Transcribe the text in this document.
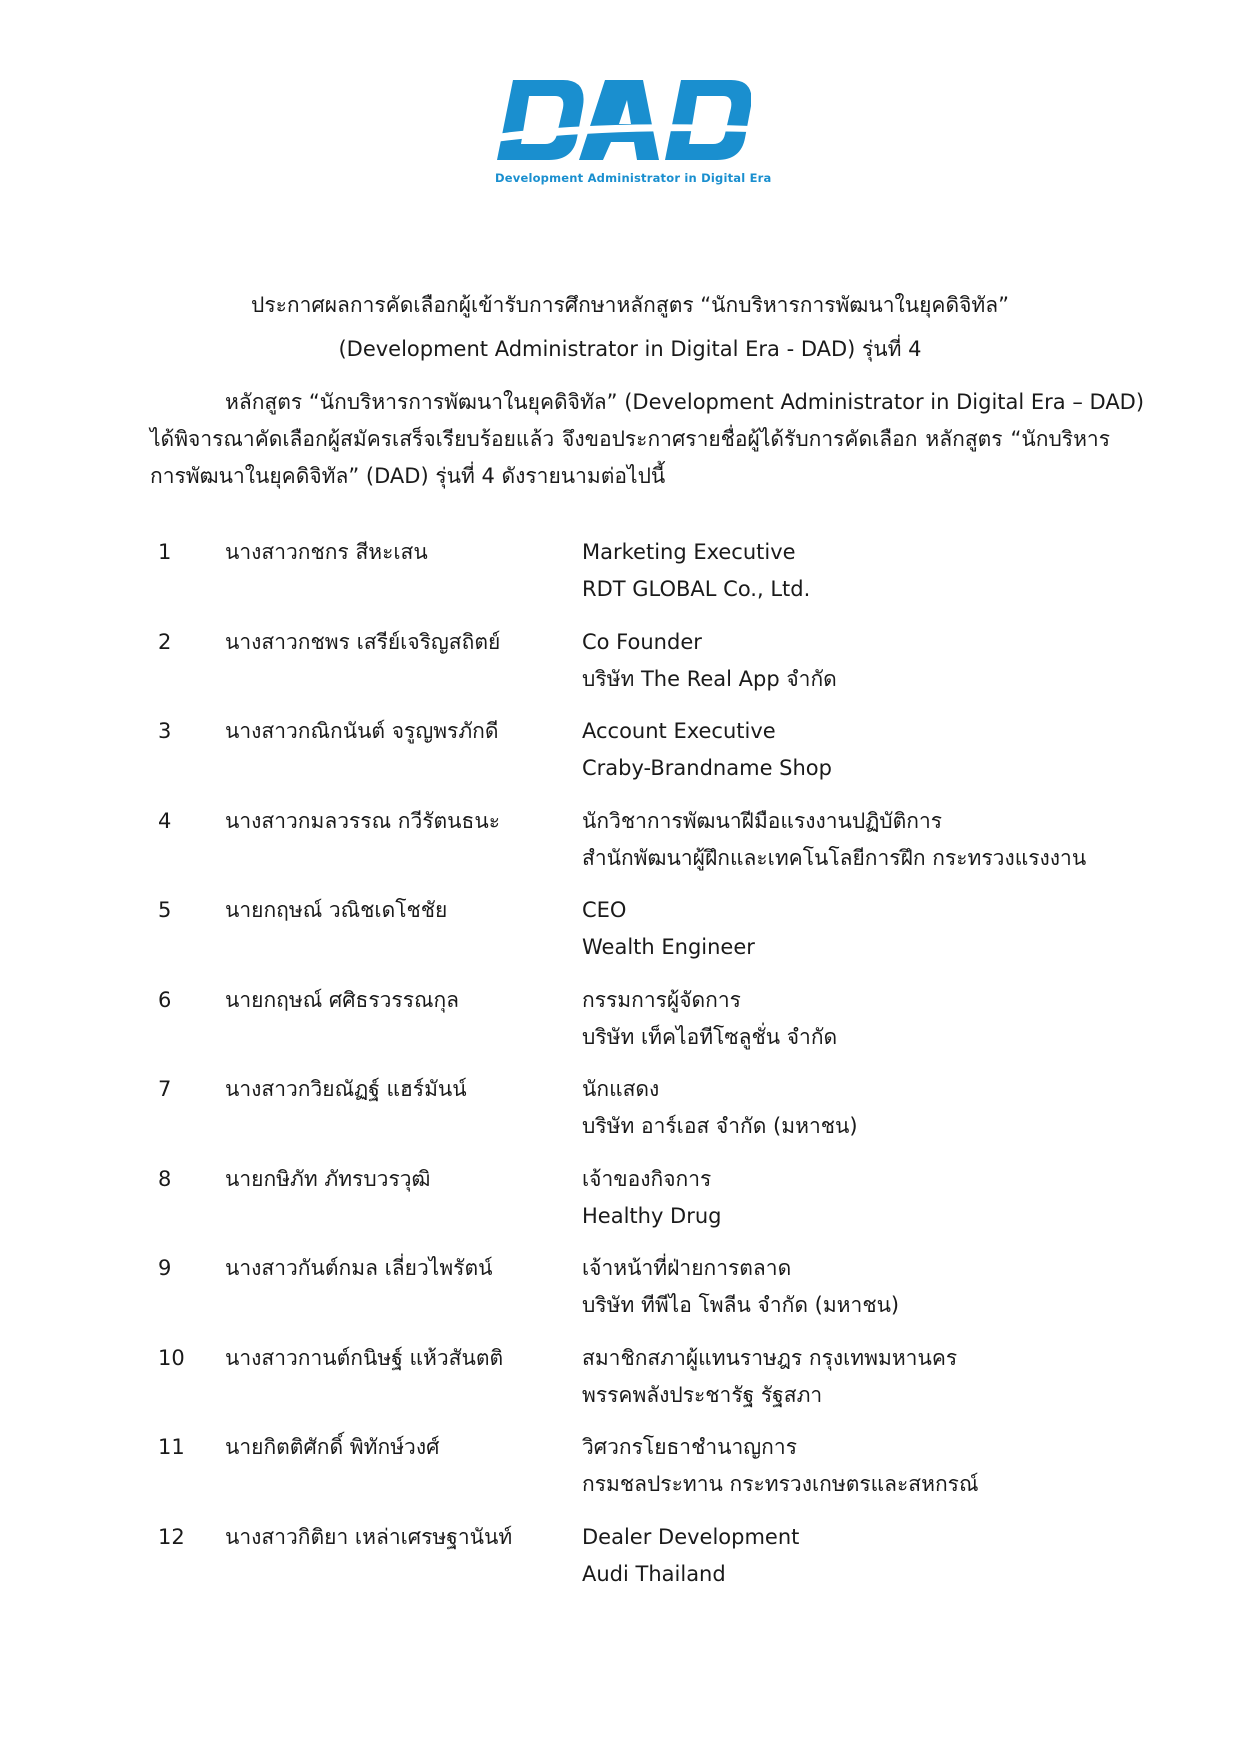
Development Administrator in Digital Era
ประกาศผลการคัดเลือกผู้เข้ารับการศึกษาหลักสูตร “นักบริหารการพัฒนาในยุคดิจิทัล”
(Development Administrator in Digital Era - DAD) รุ่นที่ 4
หลักสูตร “นักบริหารการพัฒนาในยุคดิจิทัล” (Development Administrator in Digital Era – DAD)
ได้พิจารณาคัดเลือกผู้สมัครเสร็จเรียบร้อยแล้ว จึงขอประกาศรายชื่อผู้ได้รับการคัดเลือก หลักสูตร “นักบริหาร
การพัฒนาในยุคดิจิทัล” (DAD) รุ่นที่ 4 ดังรายนามต่อไปนี้
1	นางสาวกชกร สีหะเสน	Marketing Executive
RDT GLOBAL Co., Ltd.
2	นางสาวกชพร เสรีย์เจริญสถิตย์	Co Founder
บริษัท The Real App จำกัด
3	นางสาวกณิกนันต์ จรูญพรภักดี	Account Executive
Craby-Brandname Shop
4	นางสาวกมลวรรณ กวีรัตนธนะ	นักวิชาการพัฒนาฝีมือแรงงานปฏิบัติการ
สำนักพัฒนาผู้ฝึกและเทคโนโลยีการฝึก กระทรวงแรงงาน
5	นายกฤษณ์ วณิชเดโชชัย	CEO
Wealth Engineer
6	นายกฤษณ์ ศศิธรวรรณกุล	กรรมการผู้จัดการ
บริษัท เท็คไอทีโซลูชั่น จำกัด
7	นางสาวกวิยณัฏฐ์ แฮร์มันน์	นักแสดง
บริษัท อาร์เอส จำกัด (มหาชน)
8	นายกษิภัท ภัทรบวรวุฒิ	เจ้าของกิจการ
Healthy Drug
9	นางสาวกันต์กมล เลี่ยวไพรัตน์	เจ้าหน้าที่ฝ่ายการตลาด
บริษัท ทีพีไอ โพลีน จำกัด (มหาชน)
10 นางสาวกานต์กนิษฐ์ แห้วสันตติ	สมาชิกสภาผู้แทนราษฎร กรุงเทพมหานคร
พรรคพลังประชารัฐ รัฐสภา
11 นายกิตติศักดิ์ พิทักษ์วงศ์	วิศวกรโยธาชำนาญการ
กรมชลประทาน กระทรวงเกษตรและสหกรณ์
12 นางสาวกิติยา เหล่าเศรษฐานันท์	Dealer Development
Audi Thailand
